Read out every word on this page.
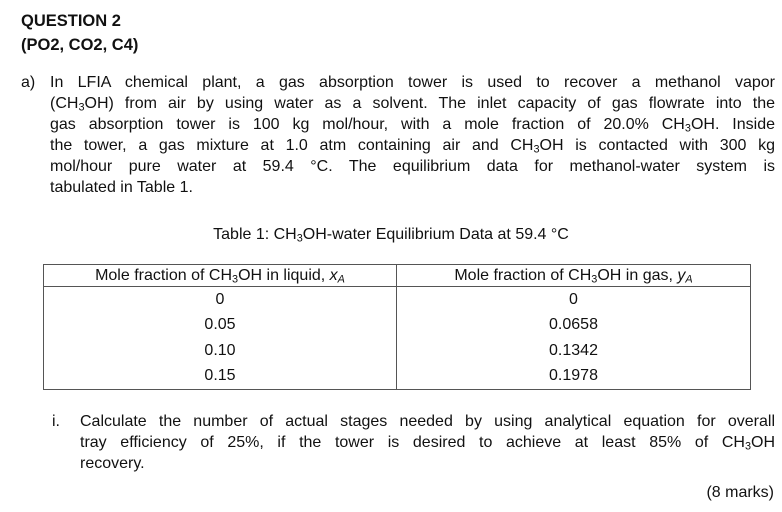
QUESTION 2
(PO2, CO2, C4)
a) In LFIA chemical plant, a gas absorption tower is used to recover a methanol vapor
$(CH_3OH)$ from air by using water as a solvent. The inlet capacity of gas flowrate into the
gas absorption tower is 100 kg mol/hour, with a mole fraction of 20.0% $CH_3OH$. Inside
the tower, a gas mixture at 1.0 atm containing air and $CH_3OH$ is contacted with 300 kg
mol/hour pure water at 59.4 °C. The equilibrium data for methanol-water system is
tabulated in Table 1.
Table 1: $CH_3OH$-water Equilibrium Data at 59.4 °C
Mole fraction of $CH_3OH$ in liquid, $x_A$	Mole fraction of $CH_3OH$ in gas, $y_A$
0	0
0.05	0.0658
0.10	0.1342
0.15	0.1978
i. Calculate the number of actual stages needed by using analytical equation for overall
tray efficiency of 25%, if the tower is desired to achieve at least 85% of $CH_3OH$
recovery.
(8 marks)
